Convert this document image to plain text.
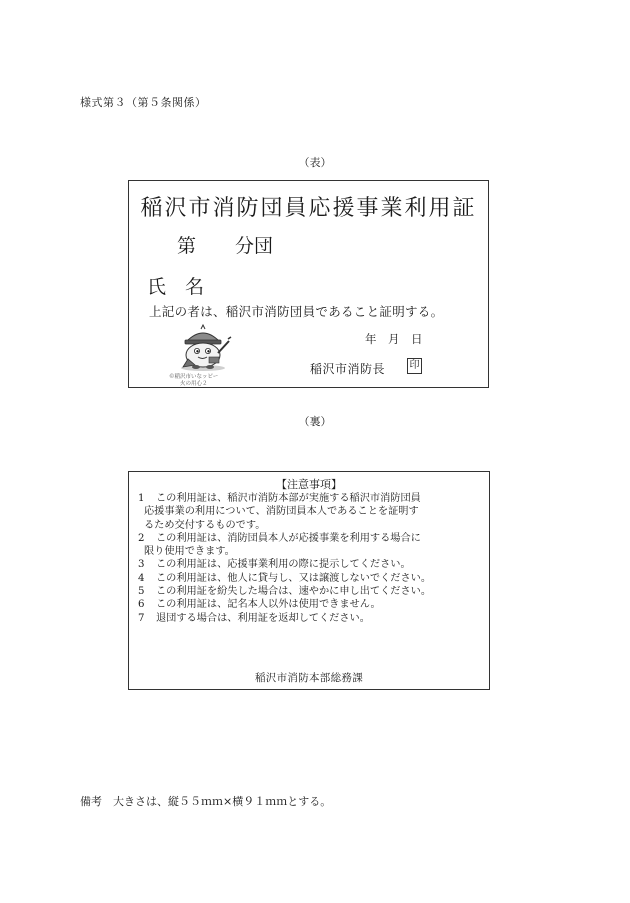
様式第３（第５条関係）
（表）
稲沢市消防団員応援事業利用証
第 分団
氏　名
上記の者は、稲沢市消防団員であること証明する。
年　月　日
©稲沢市いなッピー
火の用心２
稲沢市消防長 印
（裏）
【注意事項】
1 この利用証は、稲沢市消防本部が実施する稲沢市消防団員
応援事業の利用について、消防団員本人であることを証明す
るため交付するものです。
2 この利用証は、消防団員本人が応援事業を利用する場合に
限り使用できます。
3 この利用証は、応援事業利用の際に提示してください。
4 この利用証は、他人に貸与し、又は譲渡しないでください。
5 この利用証を紛失した場合は、速やかに申し出てください。
6 この利用証は、記名本人以外は使用できません。
7 退団する場合は、利用証を返却してください。
稲沢市消防本部総務課
備考　大きさは、縦５５ｍｍ×横９１ｍｍとする。
